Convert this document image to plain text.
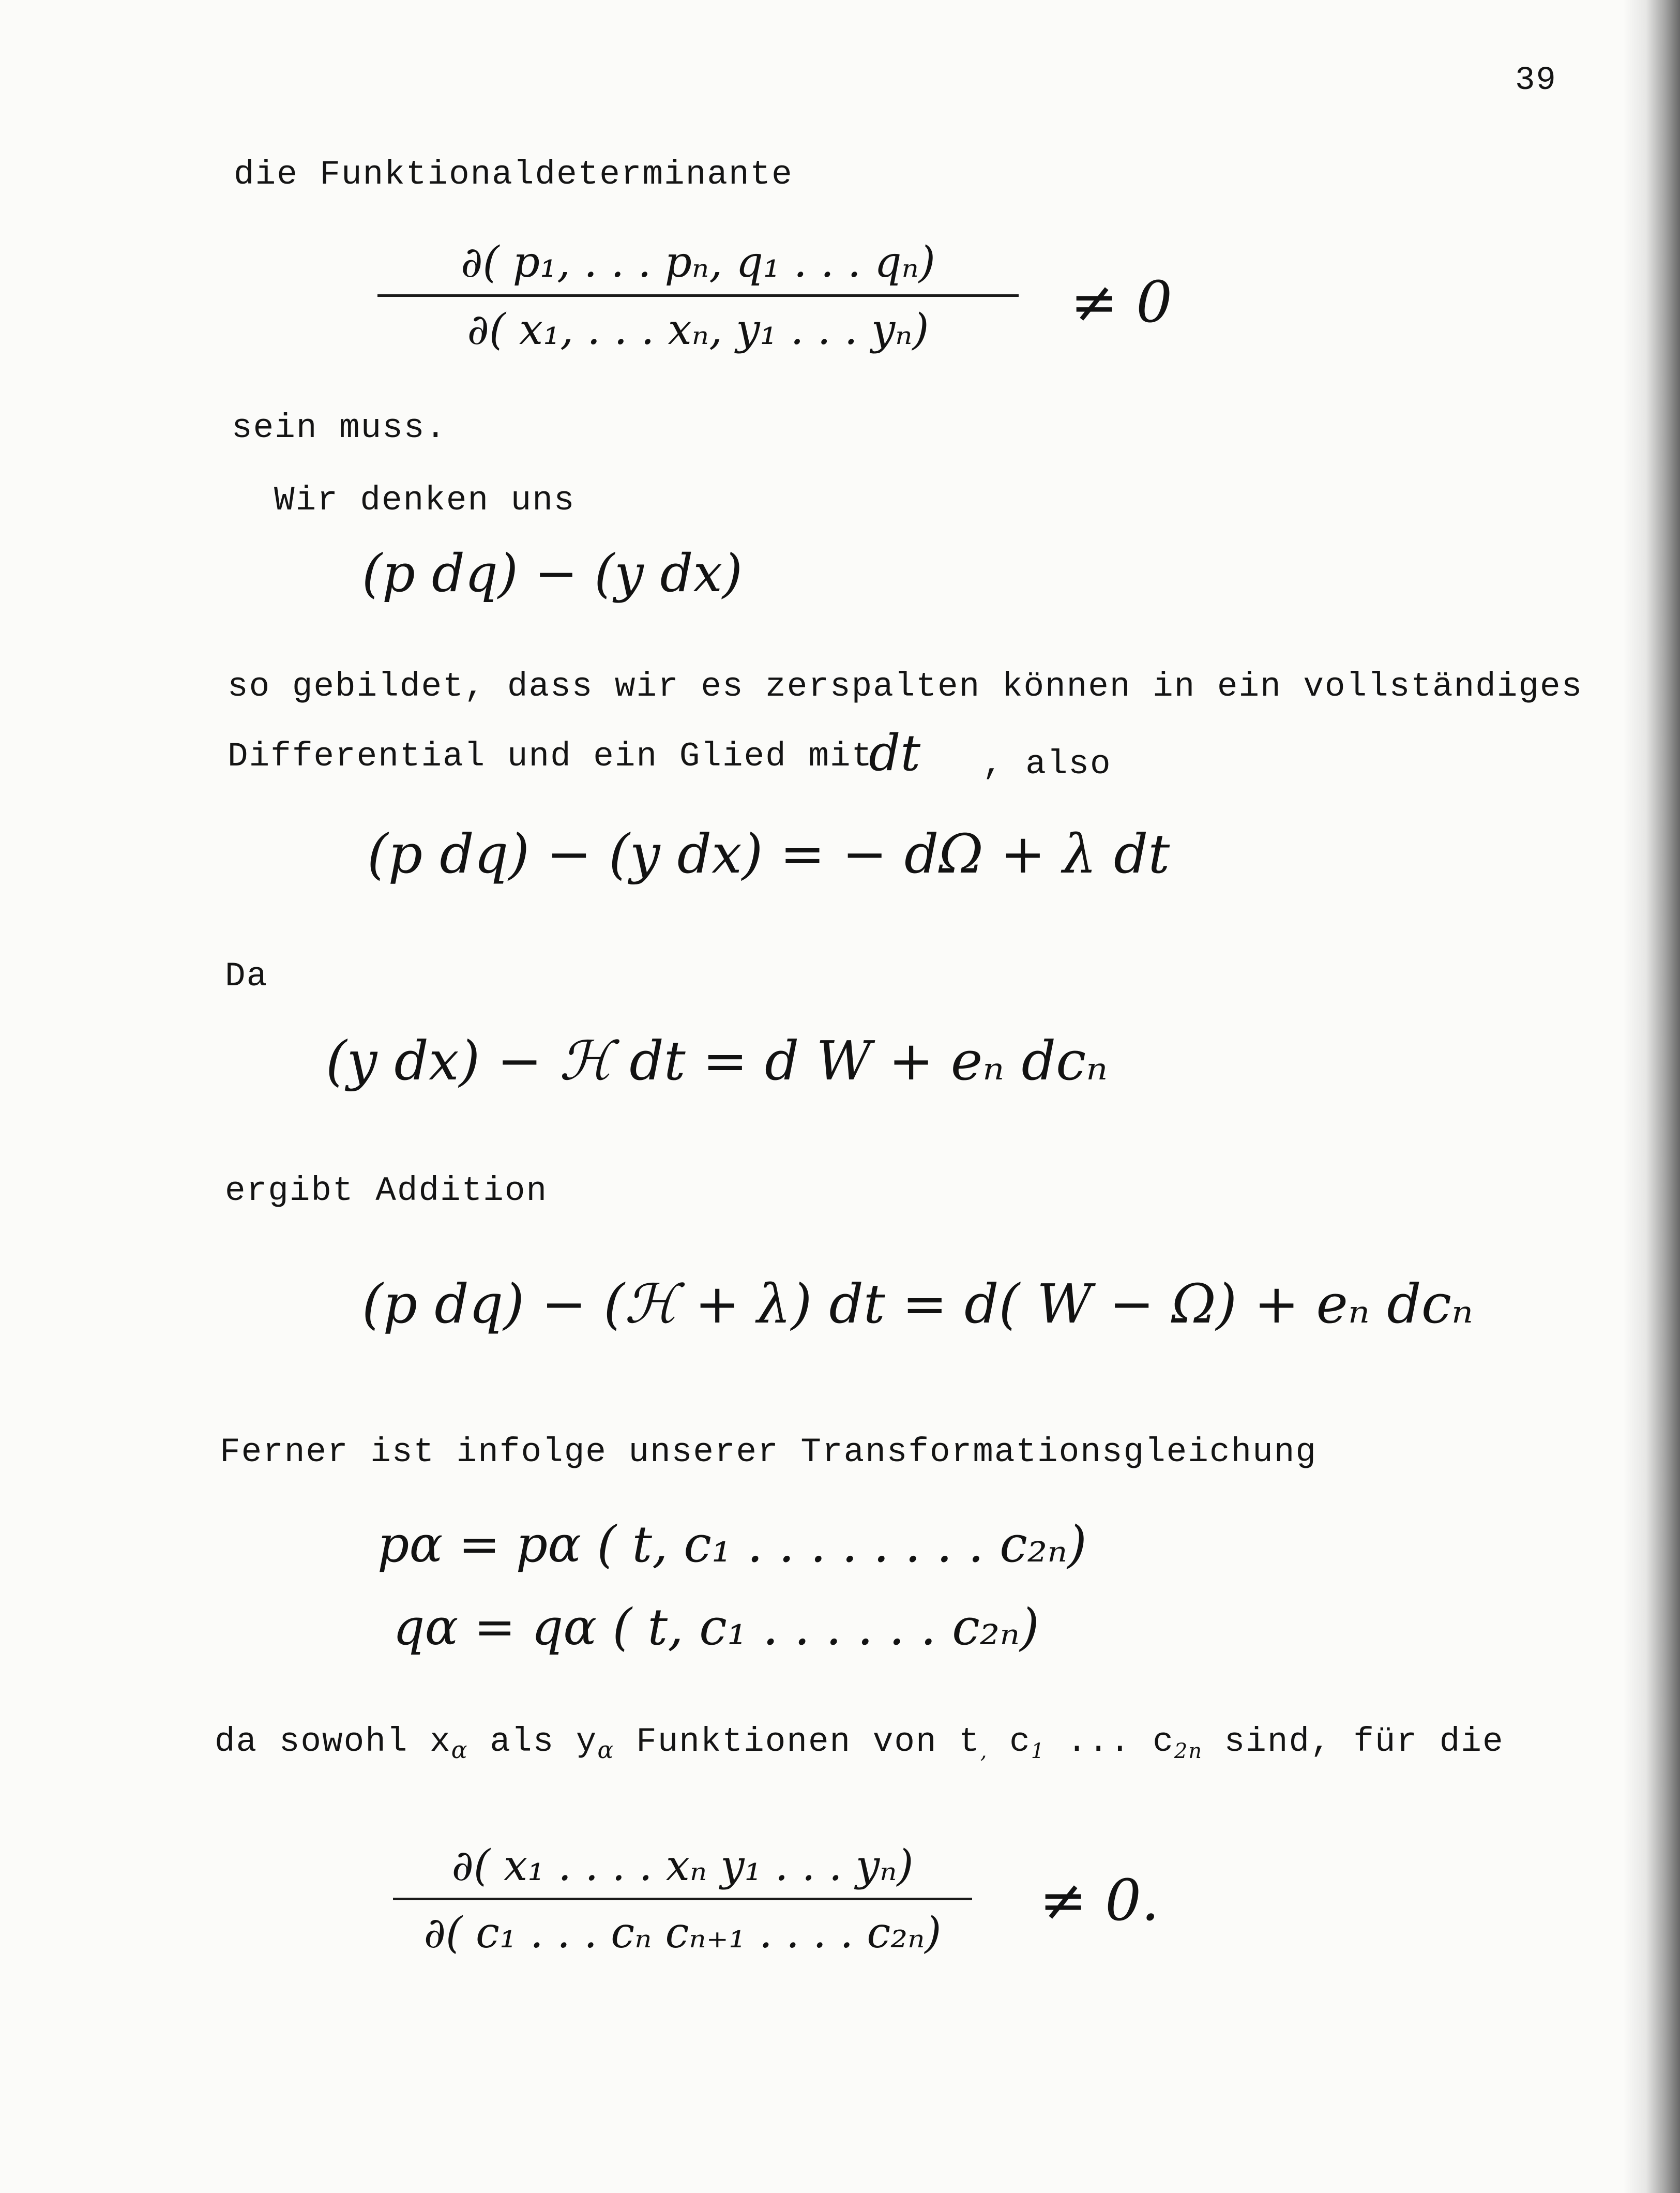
39
die Funktionaldeterminante
∂( p₁, . . . pₙ, q₁ . . . qₙ)
∂( x₁, . . . xₙ, y₁ . . . yₙ)	≠ 0
sein muss.
Wir denken uns
(p dq) − (y dx)
so gebildet, dass wir es zerspalten können in ein vollständiges
Differential und ein Glied mit
dt , also
(p dq) − (y dx) = − dΩ + λ dt
Da
(y dx) − ℋ dt = d W + eₙ dcₙ
ergibt Addition
(p dq) − (ℋ + λ) dt = d( W − Ω) + eₙ dcₙ
Ferner ist infolge unserer Transformationsgleichung
pα = pα ( t, c₁ . . . . . . . . c₂ₙ)
qα = qα ( t, c₁ . . . . . . c₂ₙ)
da sowohl $x_\alpha$ als $y_\alpha$ Funktionen von $t_,$ $c_1$ ... $c_{2n}$ sind, für die
∂( x₁ . . . . xₙ y₁ . . . yₙ)
∂( c₁ . . . cₙ cₙ₊₁ . . . . c₂ₙ)	≠ 0.
